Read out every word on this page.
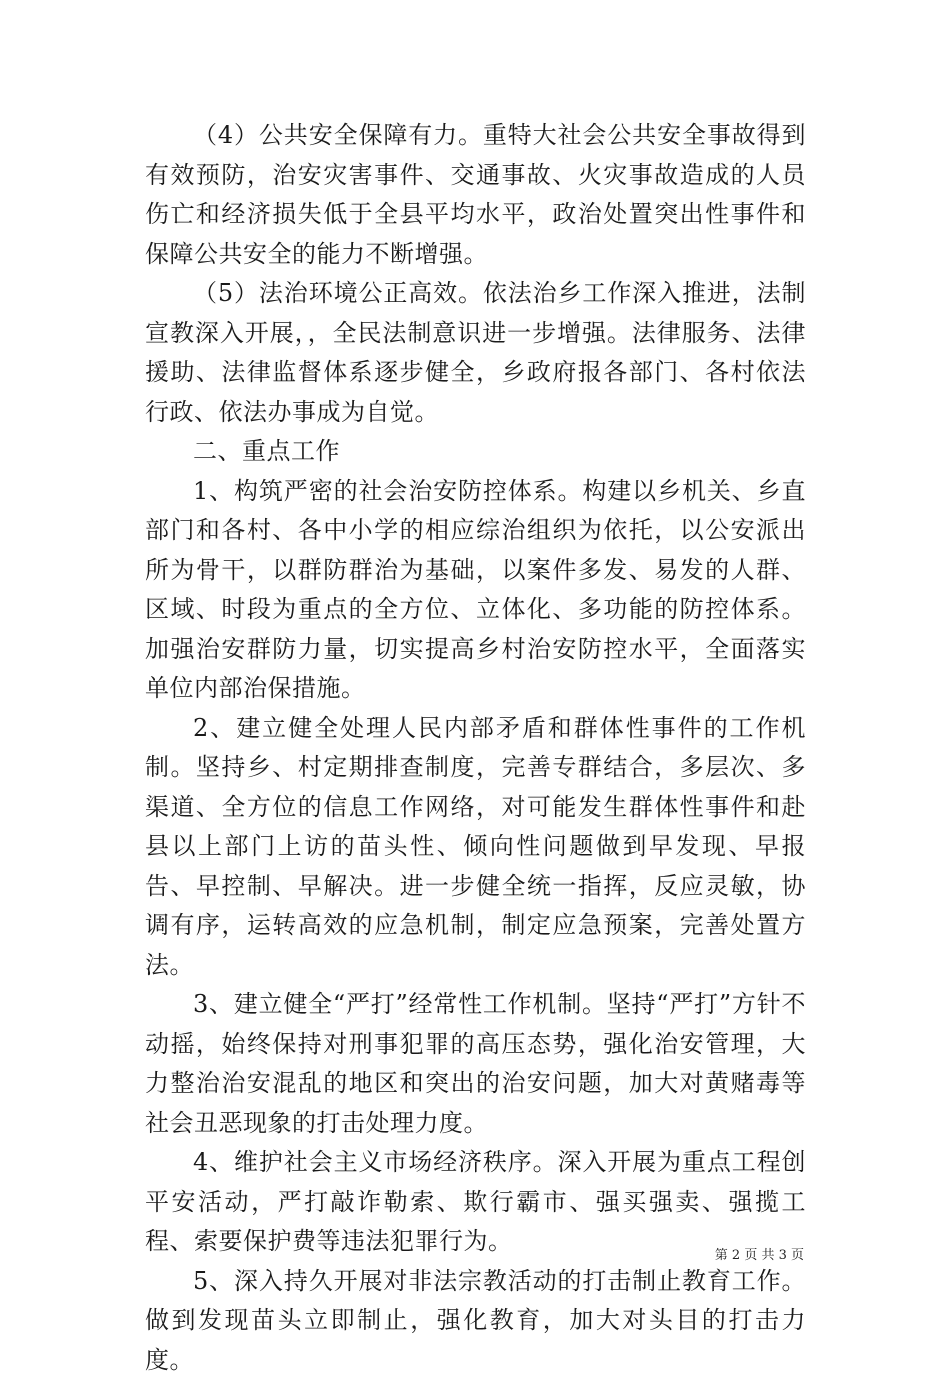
（4）公共安全保障有力。重特大社会公共安全事故得到有效预防，治安灾害事件、交通事故、火灾事故造成的人员伤亡和经济损失低于全县平均水平，政治处置突出性事件和保障公共安全的能力不断增强。

（5）法治环境公正高效。依法治乡工作深入推进，法制宣教深入开展，，全民法制意识进一步增强。法律服务、法律援助、法律监督体系逐步健全，乡政府报各部门、各村依法行政、依法办事成为自觉。

二、重点工作

1、构筑严密的社会治安防控体系。构建以乡机关、乡直部门和各村、各中小学的相应综治组织为依托，以公安派出所为骨干，以群防群治为基础，以案件多发、易发的人群、区域、时段为重点的全方位、立体化、多功能的防控体系。加强治安群防力量，切实提高乡村治安防控水平，全面落实单位内部治保措施。

2、建立健全处理人民内部矛盾和群体性事件的工作机制。坚持乡、村定期排查制度，完善专群结合，多层次、多渠道、全方位的信息工作网络，对可能发生群体性事件和赴县以上部门上访的苗头性、倾向性问题做到早发现、早报告、早控制、早解决。进一步健全统一指挥，反应灵敏，协调有序，运转高效的应急机制，制定应急预案，完善处置方法。

3、建立健全“严打”经常性工作机制。坚持“严打”方针不动摇，始终保持对刑事犯罪的高压态势，强化治安管理，大力整治治安混乱的地区和突出的治安问题，加大对黄赌毒等社会丑恶现象的打击处理力度。

4、维护社会主义市场经济秩序。深入开展为重点工程创平安活动，严打敲诈勒索、欺行霸市、强买强卖、强揽工程、索要保护费等违法犯罪行为。

5、深入持久开展对非法宗教活动的打击制止教育工作。做到发现苗头立即制止，强化教育，加大对头目的打击力度。

第 2 页 共 3 页
